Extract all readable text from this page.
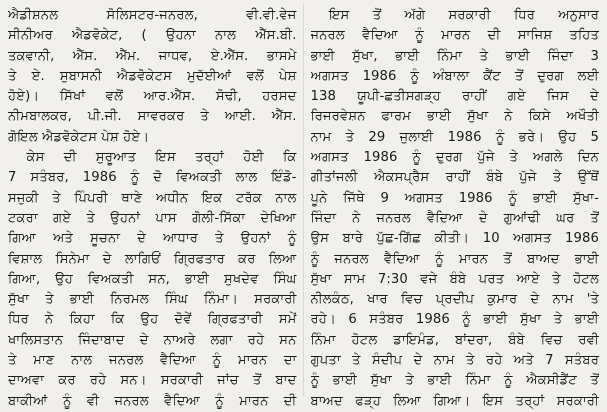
ਐਡੀਸ਼ਨਲ ਸੋਲਿਸਟਰ-ਜਨਰਲ, ਵੀ.ਵੀ.ਵੇਜ
ਸੀਨੀਅਰ ਐਡਵੋਕੇਟ, ( ਉਹਨਾ ਨਾਲ ਐੱਸ.ਬੀ.
ਤਕਵਾਨੀ, ਐੱਸ. ਐੱਮ. ਜਾਧਵ, ਏ.ਐੱਸ. ਭਾਸਮੇ
ਤੇ ਏ. ਸੁਬਾਸਨੀ ਐਡਵੋਕੇਟਸ ਮੁਦੱਈਆਂ ਵਲੋਂ ਪੇਸ਼
ਹੋਏ)। ਸਿੱਖਾਂ ਵਲੋਂ ਆਰ.ਐੱਸ. ਸੋਢੀ, ਹਰਸਦ
ਨੀਮਬਾਲਕਰ, ਪੀ.ਜੀ. ਸਾਵਰਕਰ ਤੇ ਆਈ. ਐੱਸ.
ਗੋਇਲ ਐਡਵੋਕੇਟਸ ਪੇਸ਼ ਹੋਏ।
ਕੇਸ ਦੀ ਸੁਰੂਆਤ ਇਸ ਤਰ੍ਹਾਂ ਹੋਈ ਕਿ
7 ਸਤੰਬਰ, 1986 ਨੂੰ ਦੋ ਵਿਅਕਤੀ ਲਾਲ ਇੰਡੋ-
ਸਜੁਕੀ ਤੇ ਪਿੰਪਰੀ ਥਾਣੇ ਅਧੀਨ ਇਕ ਟਰੱਕ ਨਾਲ
ਟਕਰਾ ਗਏ ਤੇ ਉਹਨਾਂ ਪਾਸ ਗੋਲੀ-ਸਿੱਕਾ ਦੇਖਿਆ
ਗਿਆ ਅਤੇ ਸੂਚਨਾ ਦੇ ਆਧਾਰ ਤੇ ਉਹਨਾਂ ਨੂੰ
ਵਿਸ਼ਾਲ ਸਿਨੇਮਾ ਦੇ ਲਾਗਿਓਂ ਗ੍ਰਿਫਤਾਰ ਕਰ ਲਿਆ
ਗਿਆ, ਉਹ ਵਿਅਕਤੀ ਸਨ, ਭਾਈ ਸੁਖਦੇਵ ਸਿੰਘ
ਸੁੱਖਾ ਤੇ ਭਾਈ ਨਿਰਮਲ ਸਿੰਘ ਨਿੰਮਾ। ਸਰਕਾਰੀ
ਧਿਰ ਨੇ ਕਿਹਾ ਕਿ ਉਹ ਦੋਵੇਂ ਗ੍ਰਿਫਤਾਰੀ ਸਮੇਂ
ਖਾਲਿਸਤਾਨ ਜਿੰਦਾਬਾਦ ਦੇ ਨਾਅਰੇ ਲਗਾ ਰਹੇ ਸਨ
ਤੇ ਮਾਣ ਨਾਲ ਜਨਰਲ ਵੈਦਿਆ ਨੂੰ ਮਾਰਨ ਦਾ
ਦਾਅਵਾ ਕਰ ਰਹੇ ਸਨ। ਸਰਕਾਰੀ ਜਾਂਚ ਤੋਂ ਬਾਦ
ਬਾਕੀਆਂ ਨੂੰ ਵੀ ਜਨਰਲ ਵੈਦਿਆ ਨੂੰ ਮਾਰਨ ਦੀ
ਇਸ ਤੋਂ ਅੱਗੇ ਸਰਕਾਰੀ ਧਿਰ ਅਨੁਸਾਰ
ਜਨਰਲ ਵੈਦਿਆ ਨੂੰ ਮਾਰਨ ਦੀ ਸਾਜਿਸ਼ ਤਹਿਤ
ਭਾਈ ਸੁੱਖਾ, ਭਾਈ ਨਿੰਮਾ ਤੇ ਭਾਈ ਜਿੰਦਾ 3
ਅਗਸਤ 1986 ਨੂੰ ਅੰਬਾਲਾ ਕੈਂਟ ਤੋਂ ਦੁਰਗ ਲਈ
138 ਯੂਪੀ-ਛਤੀਸਗੜ੍ਹ ਰਾਹੀਂ ਗਏ ਜਿਸ ਦੇ
ਰਿਜਰਵੇਸ਼ਨ ਫਾਰਮ ਭਾਈ ਸੁੱਖਾ ਨੇ ਕਿਸੇ ਅਖੌਤੀ
ਨਾਮ ਤੇ 29 ਜੁਲਾਈ 1986 ਨੂੰ ਭਰੇ। ਉਹ 5
ਅਗਸਤ 1986 ਨੂੰ ਦੁਰਗ ਪੁੱਜੇ ਤੇ ਅਗਲੇ ਦਿਨ
ਗੀਤਾਂਜਲੀ ਐਕਸਪ੍ਰੈਸ ਰਾਹੀਂ ਬੰਬੇ ਪੁੱਜੇ ਤੇ ਉੱਥੋਂ
ਪੂਨੇ ਜਿੱਥੇ 9 ਅਗਸਤ 1986 ਨੂੰ ਭਾਈ ਸੁੱਖਾ-
ਜਿੰਦਾ ਨੇ ਜਨਰਲ ਵੈਦਿਆ ਦੇ ਗੁਆਂਢੀ ਘਰ ਤੋਂ
ਉਸ ਬਾਰੇ ਪੁੱਛ-ਗਿੱਛ ਕੀਤੀ। 10 ਅਗਸਤ 1986
ਨੂੰ ਜਨਰਲ ਵੈਦਿਆ ਨੂੰ ਮਾਰਨ ਤੋਂ ਬਾਅਦ ਭਾਈ
ਸੁੱਖਾ ਸਾਮ 7:30 ਵਜੇ ਬੰਬੇ ਪਰਤ ਆਏ ਤੇ ਹੋਟਲ
ਨੀਲਕੰਠ, ਖਾਰ ਵਿਚ ਪ੍ਰਦੀਪ ਕੁਮਾਰ ਦੇ ਨਾਮ 'ਤੇ
ਰਹੇ। 6 ਸਤੰਬਰ 1986 ਨੂੰ ਭਾਈ ਸੁੱਖਾ ਤੇ ਭਾਈ
ਨਿੰਮਾ ਹੋਟਲ ਡਾਇਮੰਡ, ਬਾਂਦਰਾ, ਬੰਬੇ ਵਿਚ ਰਵੀ
ਗੁਪਤਾ ਤੇ ਸੰਦੀਪ ਦੇ ਨਾਮ ਤੇ ਰਹੇ ਅਤੇ 7 ਸਤੰਬਰ
ਨੂੰ ਭਾਈ ਸੁੱਖਾ ਤੇ ਭਾਈ ਨਿੰਮਾ ਨੂੰ ਐਕਸੀਡੈਂਟ ਤੋਂ
ਬਾਅਦ ਫੜ੍ਹ ਲਿਆ ਗਿਆ। ਇਸ ਤਰ੍ਹਾਂ ਸਰਕਾਰੀ
